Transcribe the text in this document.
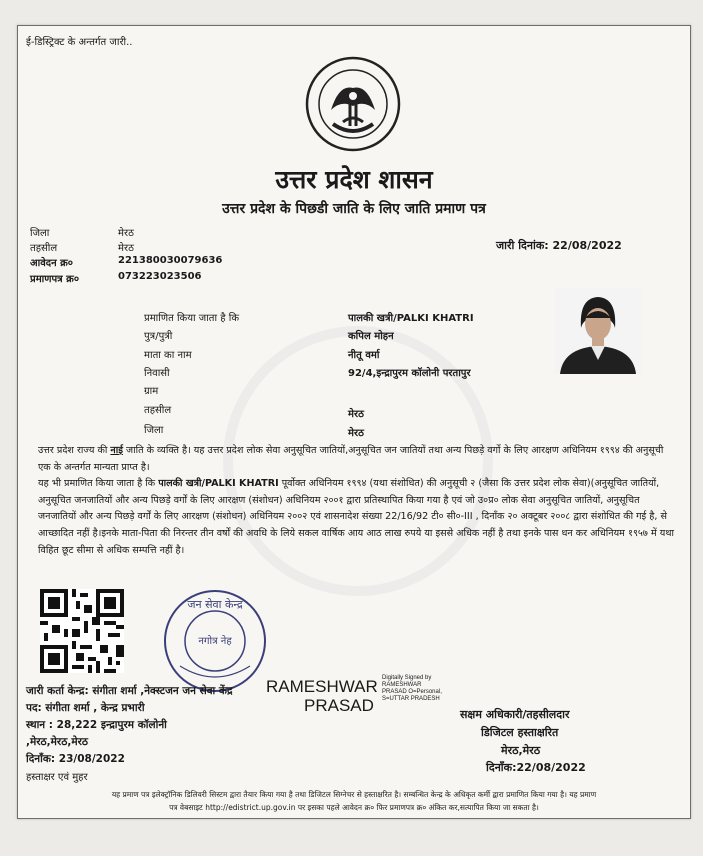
ई-डिस्ट्रिक्ट के अन्तर्गत जारी..
उत्तर प्रदेश शासन
उत्तर प्रदेश के पिछडी जाति के लिए जाति प्रमाण पत्र
जिला	मेरठ
तहसील	मेरठ
आवेदन क्र०	221380030079636
प्रमाणपत्र क्र०	073223023506
जारी दिनांक: 22/08/2022
प्रमाणित किया जाता है कि	पालकी खत्री/PALKI KHATRI
पुत्र/पुत्री	कपिल मोहन
माता का नाम	नीतू वर्मा
निवासी	92/4,इन्द्रापुरम कॉलोनी परतापुर
ग्राम
तहसील	मेरठ
जिला	मेरठ

उत्तर प्रदेश राज्य की नाई जाति के व्यक्ति है। यह उत्तर प्रदेश लोक सेवा अनुसूचित जातियों,अनुसूचित जन जातियों तथा अन्य पिछड़े वर्गो के लिए आरक्षण अधिनियम १९९४ की अनुसूची एक के अन्तर्गत मान्यता प्राप्त है।

यह भी प्रमाणित किया जाता है कि पालकी खत्री/PALKI KHATRI पूर्वोक्त अधिनियम १९९४ (यथा संशोधित) की अनुसूची २ (जैसा कि उत्तर प्रदेश लोक सेवा)(अनुसूचित जातियों, अनुसूचित जनजातियों और अन्य पिछड़े वर्गों के लिए आरक्षण (संशोधन) अधिनियम २००१ द्वारा प्रतिस्थापित किया गया है एवं जो उ०प्र० लोक सेवा अनुसूचित जातियों, अनुसूचित जनजातियों और अन्य पिछड़े वर्गों के लिए आरक्षण (संशोधन) अधिनियम २००२ एवं शासनादेश संख्या 22/16/92 टी० सी०-III , दिनाँक २० अक्टूबर २००८ द्वारा संशोधित की गई है, से आच्छादित नहीं है।इनके माता-पिता की निरन्तर तीन वर्षों की अवधि के लिये सकल वार्षिक आय आठ लाख रुपये या इससे अधिक नहीं है तथा इनके पास धन कर अधिनियम १९५७ में यथा विहित छूट सीमा से अधिक सम्पत्ति नहीं है।

जन सेवा केन्द्र
नगोत्र नेह
RAMESHWAR
PRASAD
Digitally Signed by RAMESHWAR PRASAD O=Personal, S=UTTAR PRADESH
जारी कर्ता केन्द्र: संगीता शर्मा ,नेक्स्टजन जन सेवा केंद्र
पद: संगीता शर्मा , केन्द्र प्रभारी
स्थान : 28,222 इन्द्रापुरम कॉलोनी
,मेरठ,मेरठ,मेरठ
दिनाँक: 23/08/2022
हस्ताक्षर एवं मुहर
सक्षम अधिकारी/तहसीलदार
डिजिटल हस्ताक्षरित
मेरठ,मेरठ
दिनाँक:22/08/2022
यह प्रमाण पत्र इलेक्ट्रॉनिक डिलिवरी सिस्टम द्वारा तैयार किया गया है तथा डिजिटल सिग्नेचर से हस्ताक्षरित है। सम्बन्धित केन्द्र के अधिकृत कर्मी द्वारा प्रमाणित किया गया है। यह प्रमाण
पत्र वेबसाइट http://edistrict.up.gov.in पर इसका पहले आवेदन क्र० फिर प्रमाणपत्र क्र० अंकित कर,सत्यापित किया जा सकता है।
